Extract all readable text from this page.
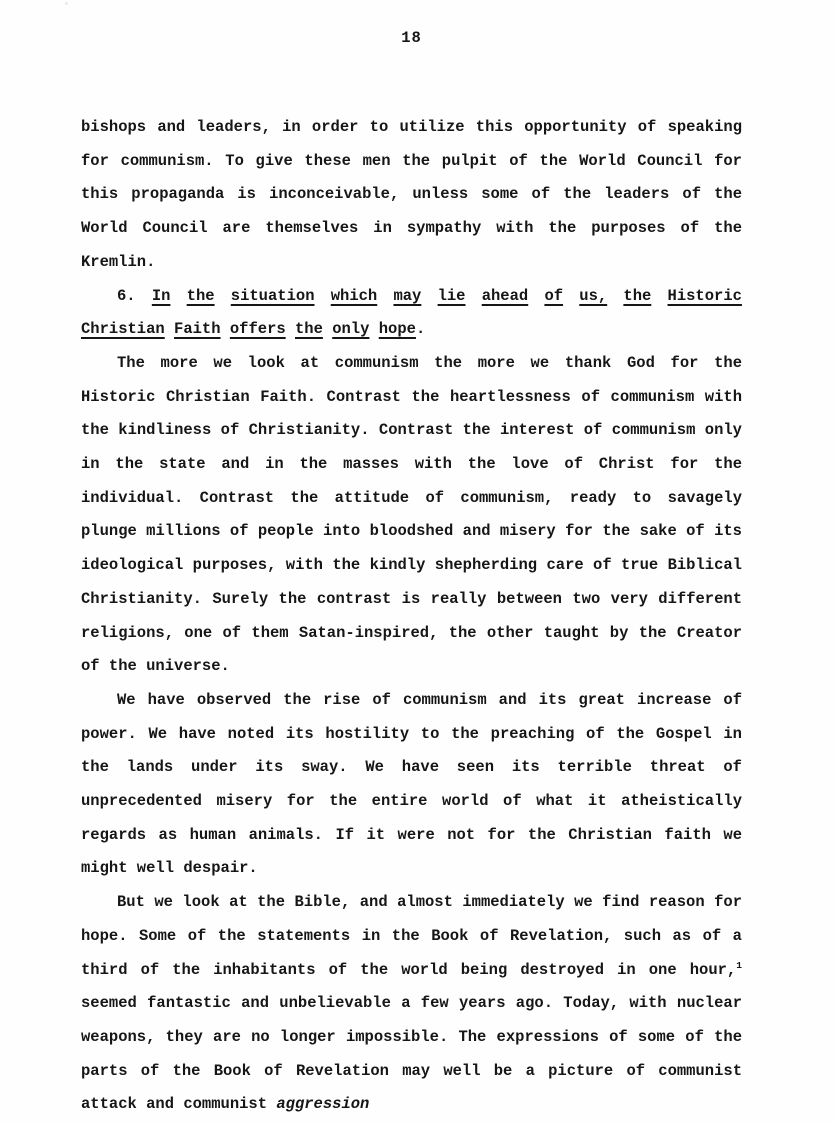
18

bishops and leaders, in order to utilize this opportunity of speaking for communism. To give these men the pulpit of the World Council for this propaganda is inconceivable, unless some of the leaders of the World Council are themselves in sympathy with the purposes of the Kremlin.

6. In the situation which may lie ahead of us, the Historic Christian Faith offers the only hope.

The more we look at communism the more we thank God for the Historic Christian Faith. Contrast the heartlessness of communism with the kindliness of Christianity. Contrast the interest of communism only in the state and in the masses with the love of Christ for the individual. Contrast the attitude of communism, ready to savagely plunge millions of people into bloodshed and misery for the sake of its ideological purposes, with the kindly shepherding care of true Biblical Christianity. Surely the contrast is really between two very different religions, one of them Satan-inspired, the other taught by the Creator of the universe.

We have observed the rise of communism and its great increase of power. We have noted its hostility to the preaching of the Gospel in the lands under its sway. We have seen its terrible threat of unprecedented misery for the entire world of what it atheistically regards as human animals. If it were not for the Christian faith we might well despair.

But we look at the Bible, and almost immediately we find reason for hope. Some of the statements in the Book of Revelation, such as of a third of the inhabitants of the world being destroyed in one hour,$^1$ seemed fantastic and unbelievable a few years ago. Today, with nuclear weapons, they are no longer impossible. The expressions of some of the parts of the Book of Revelation may well be a picture of communist attack and communist aggression
